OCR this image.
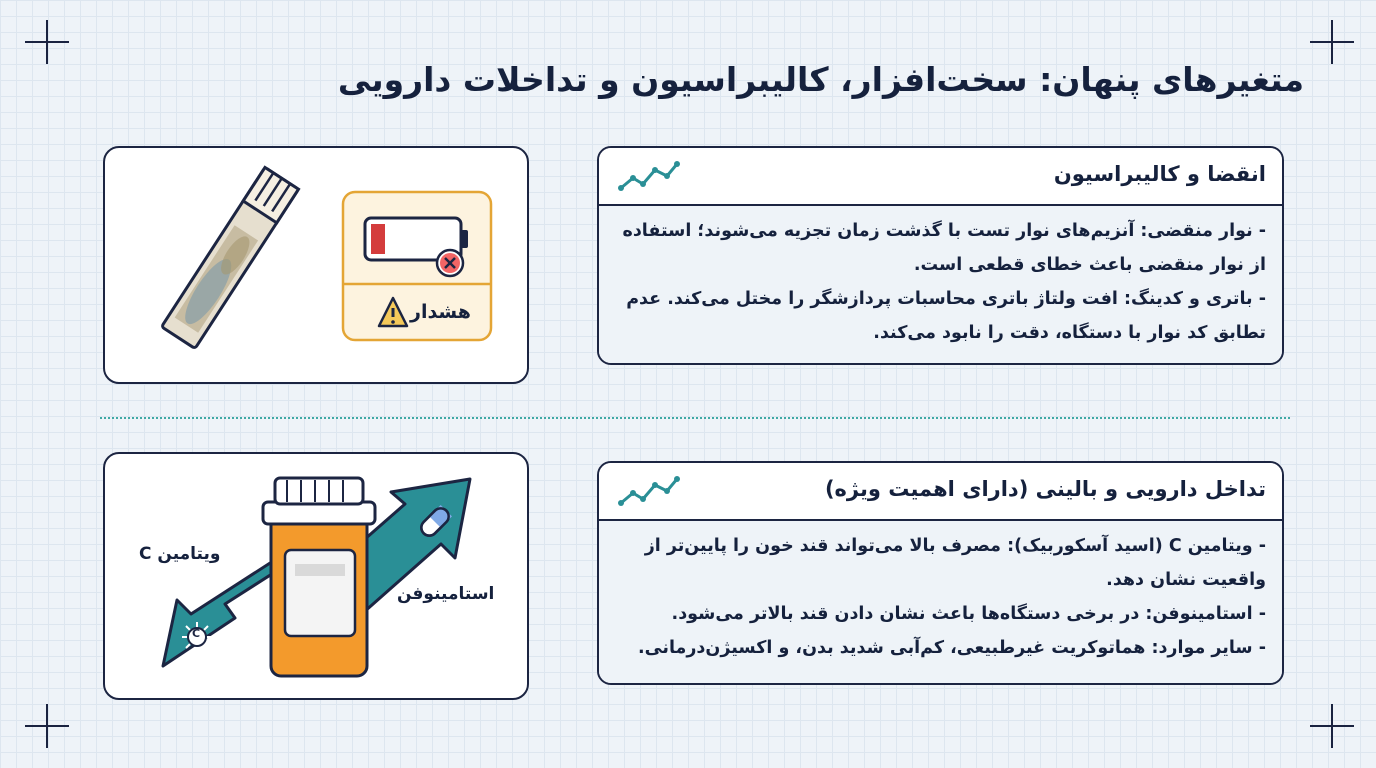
متغیرهای پنهان: سخت‌افزار، کالیبراسیون و تداخلات دارویی
هشدار
انقضا و کالیبراسیون

- نوار منقضی: آنزیم‌های نوار تست با گذشت زمان تجزیه می‌شوند؛ استفاده از نوار منقضی باعث خطای قطعی است.

- باتری و کدینگ: افت ولتاژ باتری محاسبات پردازشگر را مختل می‌کند. عدم تطابق کد نوار با دستگاه، دقت را نابود می‌کند.

ویتامین C
استامینوفن
C
تداخل دارویی و بالینی (دارای اهمیت ویژه)

- ویتامین C (اسید آسکوربیک): مصرف بالا می‌تواند قند خون را پایین‌تر از واقعیت نشان دهد.

- استامینوفن: در برخی دستگاه‌ها باعث نشان دادن قند بالاتر می‌شود.

- سایر موارد: هماتوکریت غیرطبیعی، کم‌آبی شدید بدن، و اکسیژن‌درمانی.
